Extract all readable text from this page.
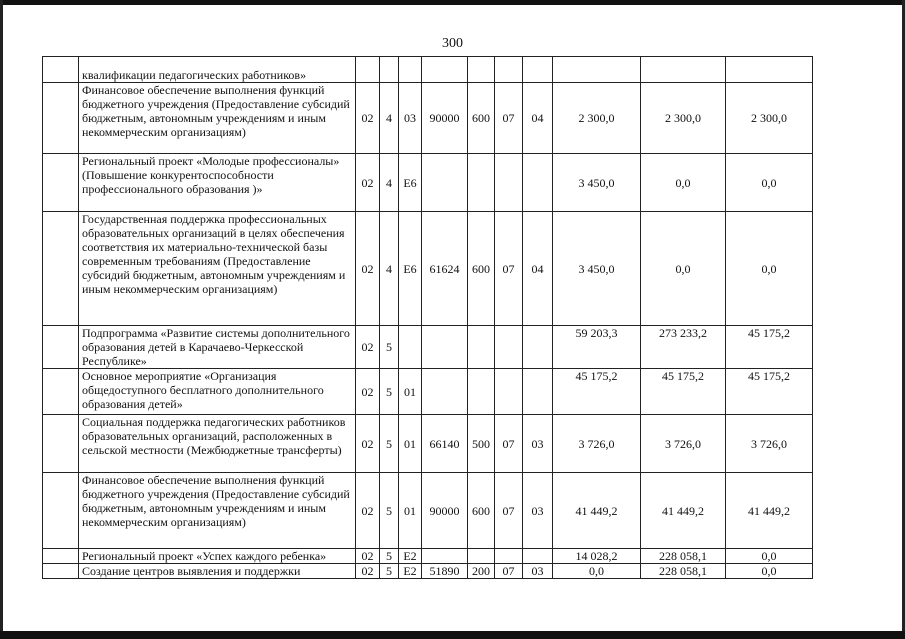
300
	квалификации педагогических работников»										
	Финансовое обеспечение выполнения функций бюджетного учреждения (Предоставление субсидий бюджетным, автономным учреждениям и иным некоммерческим организациям)	02	4	03	90000	600	07	04	2 300,0	2 300,0	2 300,0
	Региональный проект «Молодые профессионалы» (Повышение конкурентоспособности профессионального образования )»	02	4	Е6					3 450,0	0,0	0,0
	Государственная поддержка профессиональных образовательных организаций в целях обеспечения соответствия их материально-технической базы современным требованиям (Предоставление субсидий бюджетным, автономным учреждениям и иным некоммерческим организациям)	02	4	Е6	61624	600	07	04	3 450,0	0,0	0,0
	Подпрограмма «Развитие системы дополнительного образования детей в Карачаево-Черкесской Республике»	02	5						59 203,3	273 233,2	45 175,2
	Основное мероприятие «Организация общедоступного бесплатного дополнительного образования детей»	02	5	01					45 175,2	45 175,2	45 175,2
	Социальная поддержка педагогических работников образовательных организаций, расположенных в сельской местности (Межбюджетные трансферты)	02	5	01	66140	500	07	03	3 726,0	3 726,0	3 726,0
	Финансовое обеспечение выполнения функций бюджетного учреждения (Предоставление субсидий бюджетным, автономным учреждениям и иным некоммерческим организациям)	02	5	01	90000	600	07	03	41 449,2	41 449,2	41 449,2
	Региональный проект «Успех каждого ребенка»	02	5	Е2					14 028,2	228 058,1	0,0
	Создание центров выявления и поддержки	02	5	Е2	51890	200	07	03	0,0	228 058,1	0,0
